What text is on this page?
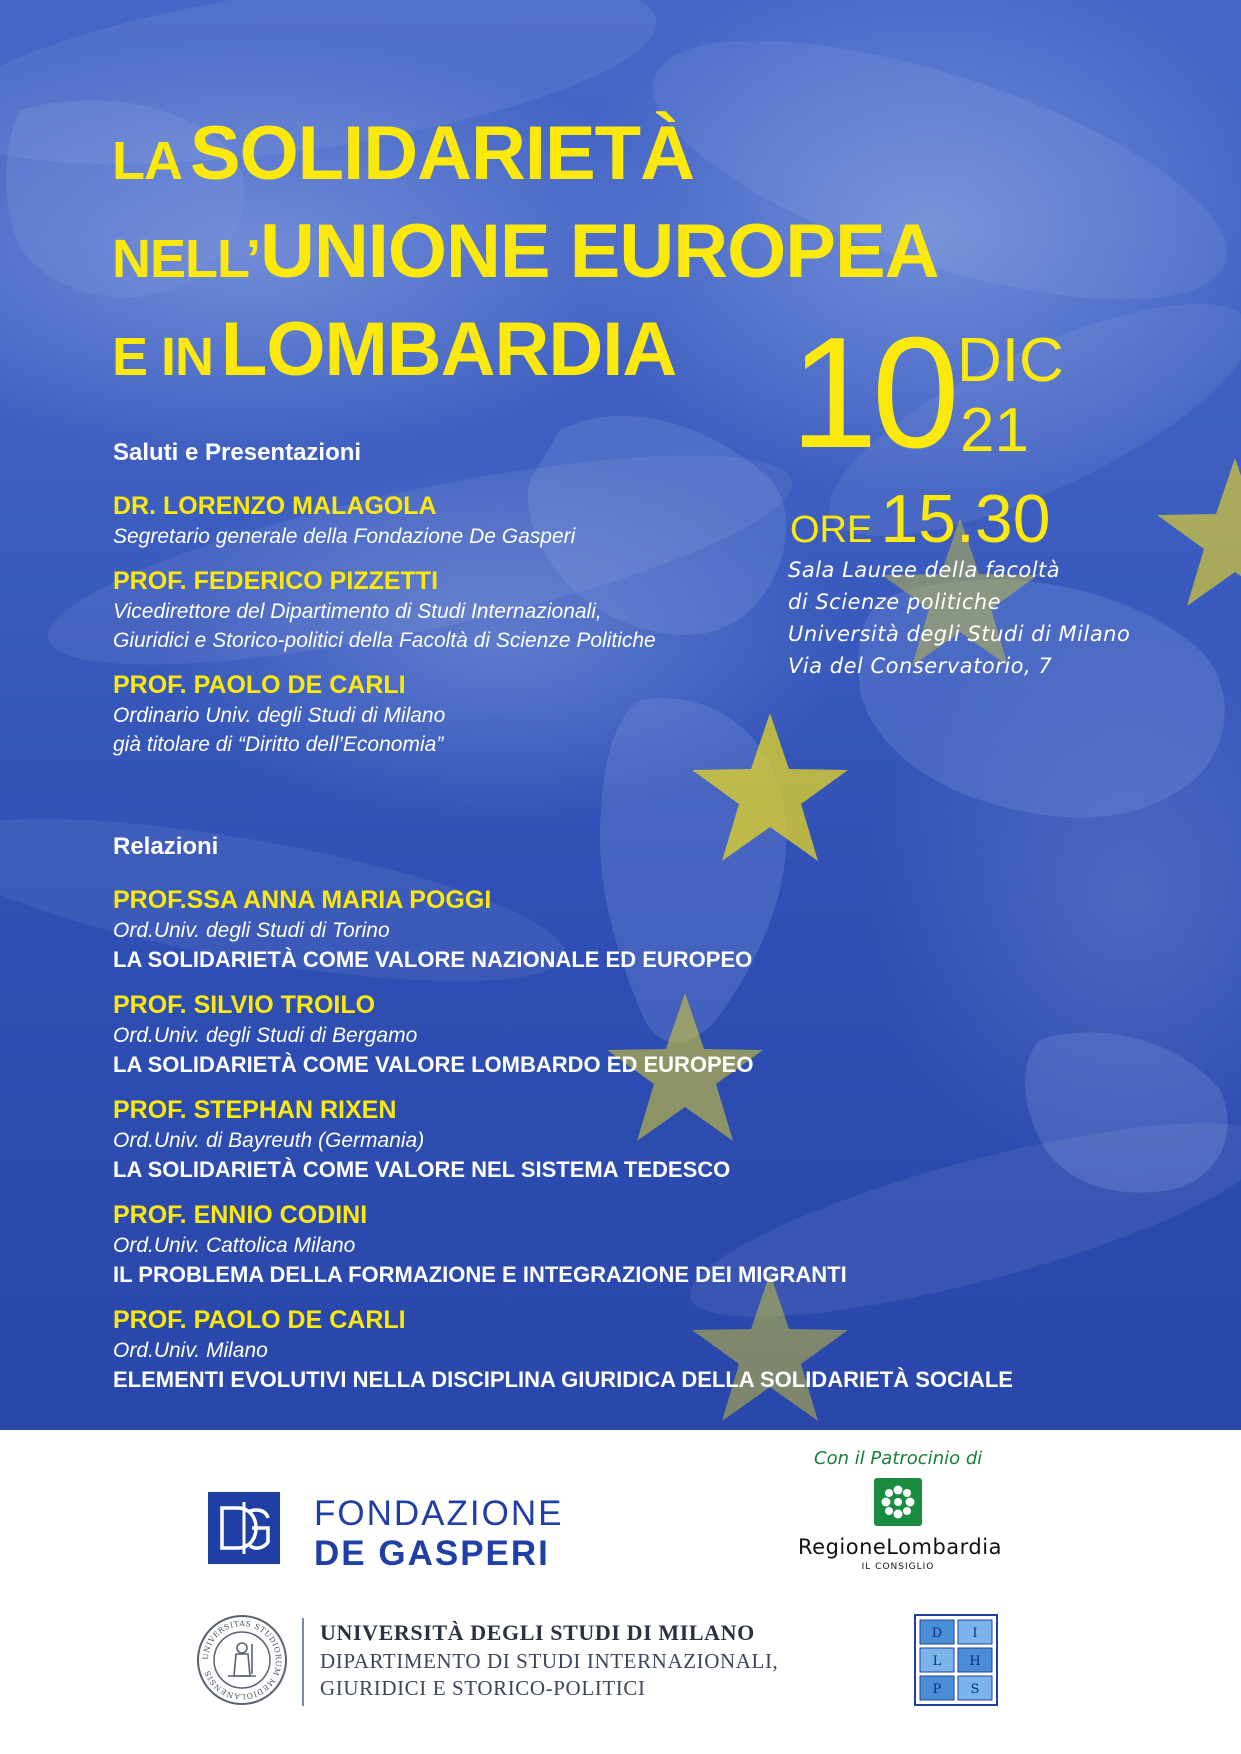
LA SOLIDARIETÀ
NELL’UNIONE EUROPEA
E IN LOMBARDIA 10 DIC
21
ORE 15.30
Sala Lauree della facoltà
di Scienze politiche
Università degli Studi di Milano
Via del Conservatorio, 7
Saluti e Presentazioni
DR. LORENZO MALAGOLA
Segretario generale della Fondazione De Gasperi
PROF. FEDERICO PIZZETTI
Vicedirettore del Dipartimento di Studi Internazionali,
Giuridici e Storico-politici della Facoltà di Scienze Politiche
PROF. PAOLO DE CARLI
Ordinario Univ. degli Studi di Milano
già titolare di “Diritto dell’Economia”
Relazioni
PROF.SSA ANNA MARIA POGGI
Ord.Univ. degli Studi di Torino
LA SOLIDARIETÀ COME VALORE NAZIONALE ED EUROPEO
PROF. SILVIO TROILO
Ord.Univ. degli Studi di Bergamo
LA SOLIDARIETÀ COME VALORE LOMBARDO ED EUROPEO
PROF. STEPHAN RIXEN
Ord.Univ. di Bayreuth (Germania)
LA SOLIDARIETÀ COME VALORE NEL SISTEMA TEDESCO
PROF. ENNIO CODINI
Ord.Univ. Cattolica Milano
IL PROBLEMA DELLA FORMAZIONE E INTEGRAZIONE DEI MIGRANTI
PROF. PAOLO DE CARLI
Ord.Univ. Milano
ELEMENTI EVOLUTIVI NELLA DISCIPLINA GIURIDICA DELLA SOLIDARIETÀ SOCIALE
Con il Patrocinio di
DG
FONDAZIONE
DE GASPERI	RegioneLombardia
IL CONSIGLIO
UNIVERSITAS STUDIORUM MEDIOLANENSIS
UNIVERSITÀ DEGLI STUDI DI MILANO
DIPARTIMENTO DI STUDI INTERNAZIONALI,
GIURIDICI E STORICO-POLITICI
D I
L H
P S
